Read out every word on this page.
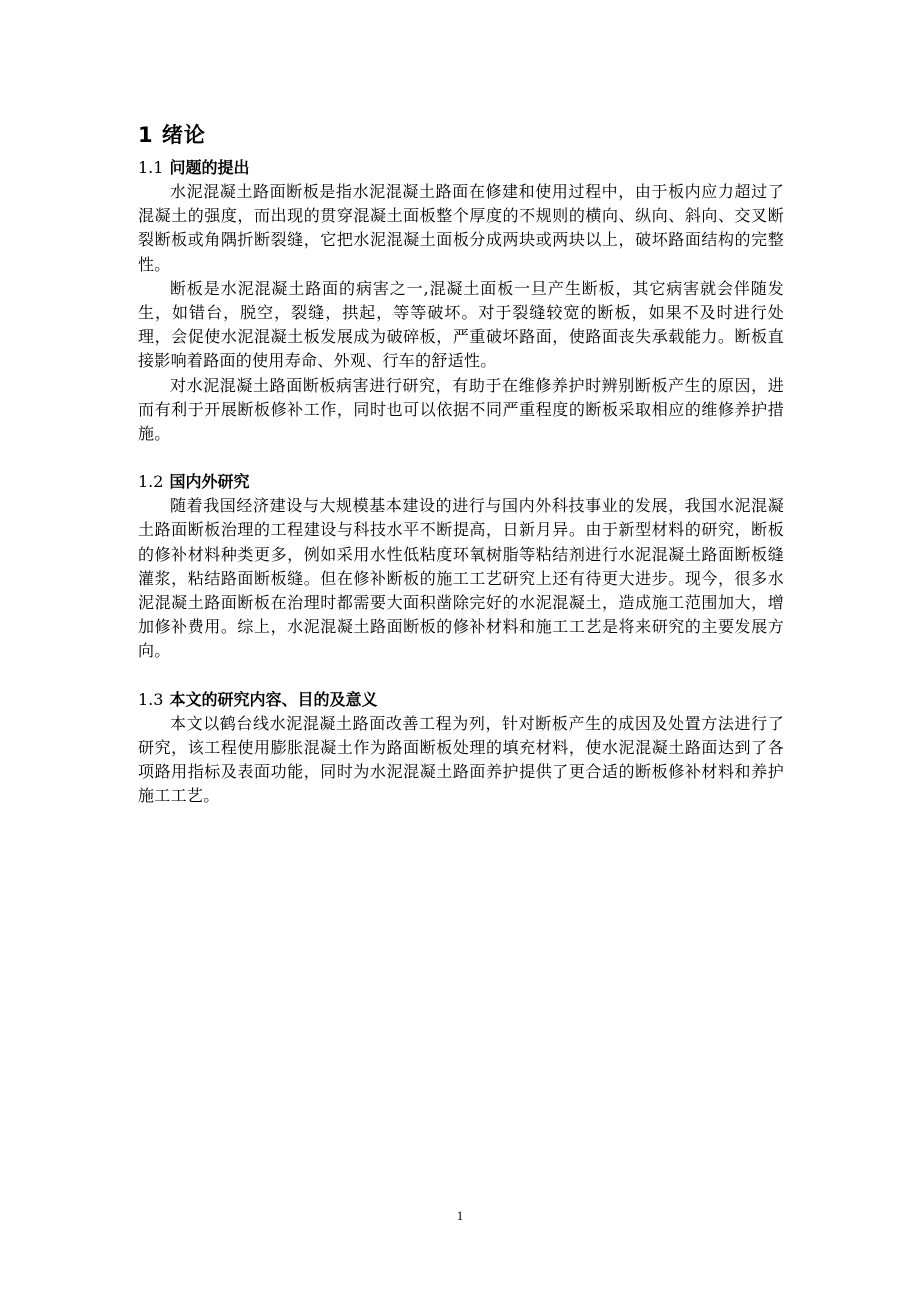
1 绪论
1.1 问题的提出

水泥混凝土路面断板是指水泥混凝土路面在修建和使用过程中，由于板内应力超过了混凝土的强度，而出现的贯穿混凝土面板整个厚度的不规则的横向、纵向、斜向、交叉断裂断板或角隅折断裂缝，它把水泥混凝土面板分成两块或两块以上，破坏路面结构的完整性。

断板是水泥混凝土路面的病害之一,混凝土面板一旦产生断板，其它病害就会伴随发生，如错台，脱空，裂缝，拱起，等等破坏。对于裂缝较宽的断板，如果不及时进行处理，会促使水泥混凝土板发展成为破碎板，严重破坏路面，使路面丧失承载能力。断板直接影响着路面的使用寿命、外观、行车的舒适性。

对水泥混凝土路面断板病害进行研究，有助于在维修养护时辨别断板产生的原因，进而有利于开展断板修补工作，同时也可以依据不同严重程度的断板采取相应的维修养护措施。

1.2 国内外研究

随着我国经济建设与大规模基本建设的进行与国内外科技事业的发展，我国水泥混凝土路面断板治理的工程建设与科技水平不断提高，日新月异。由于新型材料的研究，断板的修补材料种类更多，例如采用水性低粘度环氧树脂等粘结剂进行水泥混凝土路面断板缝灌浆，粘结路面断板缝。但在修补断板的施工工艺研究上还有待更大进步。现今，很多水泥混凝土路面断板在治理时都需要大面积凿除完好的水泥混凝土，造成施工范围加大，增加修补费用。综上，水泥混凝土路面断板的修补材料和施工工艺是将来研究的主要发展方向。

1.3 本文的研究内容、目的及意义

本文以鹤台线水泥混凝土路面改善工程为列，针对断板产生的成因及处置方法进行了研究，该工程使用膨胀混凝土作为路面断板处理的填充材料，使水泥混凝土路面达到了各项路用指标及表面功能，同时为水泥混凝土路面养护提供了更合适的断板修补材料和养护施工工艺。

1
